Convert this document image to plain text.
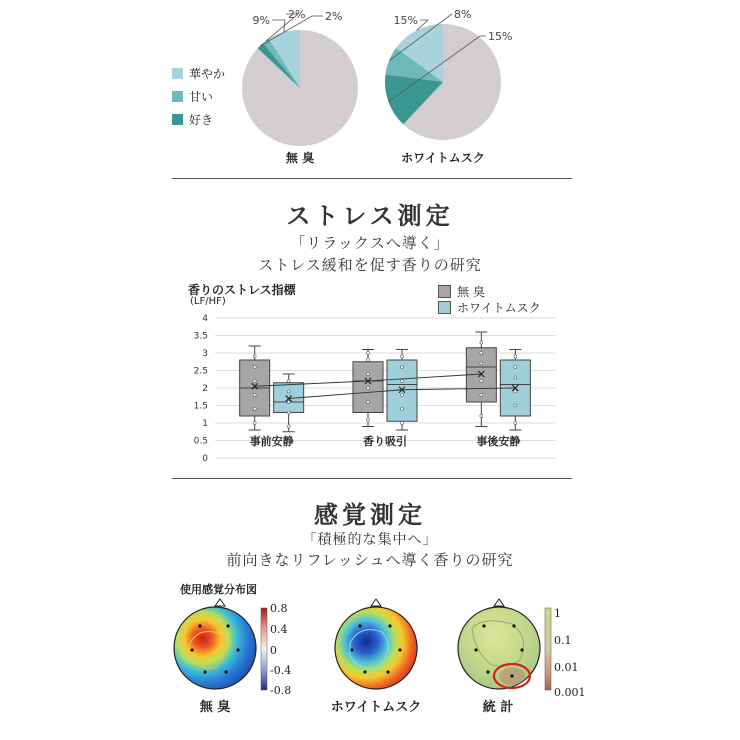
9% 2% 2%	15%	8%
15%
華やか
甘い
好き
無 臭	ホワイトムスク
ストレス測定
「リラックスへ導く」
ストレス緩和を促す香りの研究
香りのストレス指標
(LF/HF)
無 臭
ホワイトムスク
0
0.5
1
1.5
2
2.5
3
3.5
4
事前安静	香り吸引	事後安静
感覚測定
「積極的な集中へ」
前向きなリフレッシュへ導く香りの研究
使用感覚分布図
0.8
0.4
0
-0.4
-0.8
1
0.1
0.01
0.001
無 臭	ホワイトムスク	統 計
